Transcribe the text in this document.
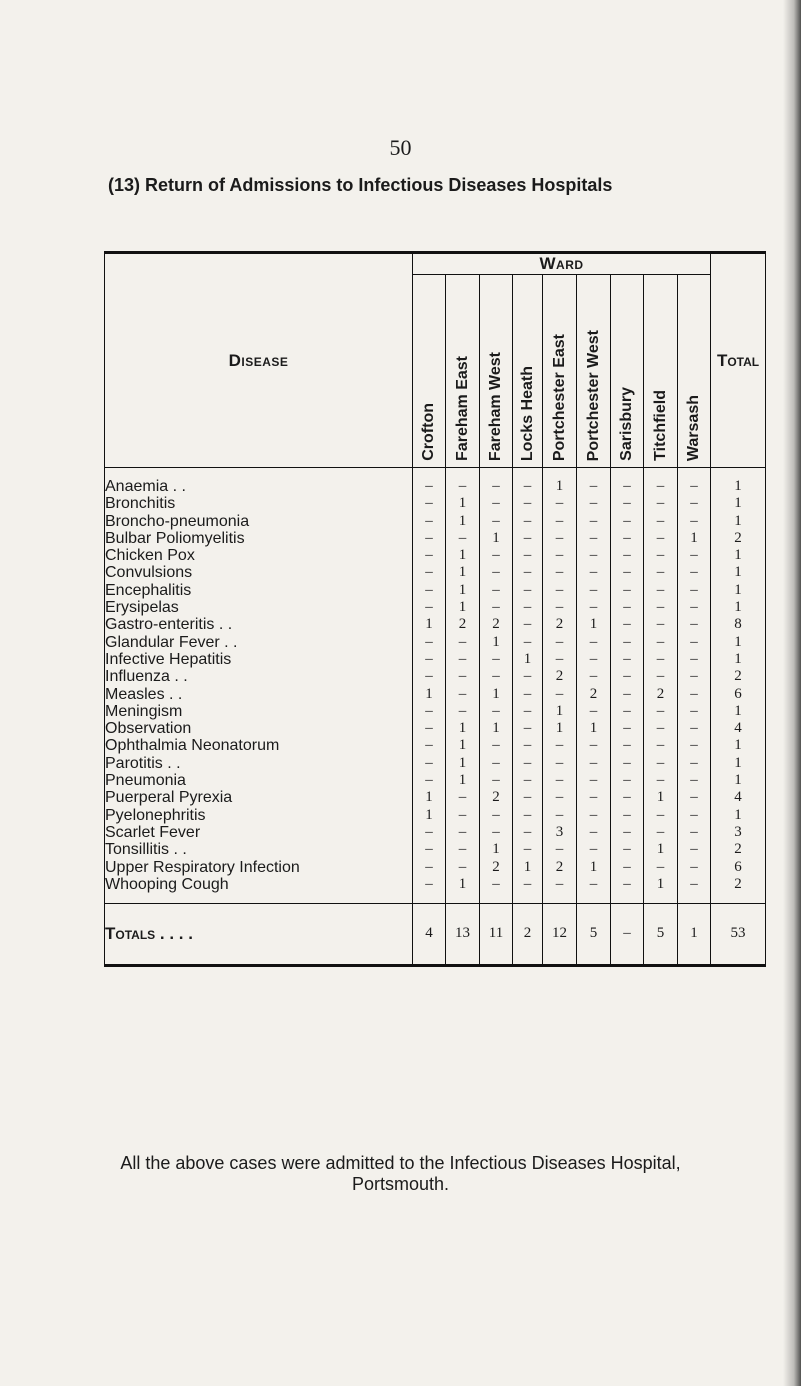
50
(13) Return of Admissions to Infectious Diseases Hospitals
Disease	Ward									Total

	Crofton	Fareham East	Fareham West	Locks Heath	Portchester East	Portchester West	Sarisbury	Titchfield	Warsash	

Anaemia . .	–	–	–	–	1	–	–	–	–	1
Bronchitis	–	1	–	–	–	–	–	–	–	1
Broncho-pneumonia	–	1	–	–	–	–	–	–	–	1
Bulbar Poliomyelitis	–	–	1	–	–	–	–	–	1	2
Chicken Pox	–	1	–	–	–	–	–	–	–	1
Convulsions	–	1	–	–	–	–	–	–	–	1
Encephalitis	–	1	–	–	–	–	–	–	–	1
Erysipelas	–	1	–	–	–	–	–	–	–	1
Gastro-enteritis . .	1	2	2	–	2	1	–	–	–	8
Glandular Fever . .	–	–	1	–	–	–	–	–	–	1
Infective Hepatitis	–	–	–	1	–	–	–	–	–	1
Influenza . .	–	–	–	–	2	–	–	–	–	2
Measles . .	1	–	1	–	–	2	–	2	–	6
Meningism	–	–	–	–	1	–	–	–	–	1
Observation	–	1	1	–	1	1	–	–	–	4
Ophthalmia Neonatorum	–	1	–	–	–	–	–	–	–	1
Parotitis . .	–	1	–	–	–	–	–	–	–	1
Pneumonia	–	1	–	–	–	–	–	–	–	1
Puerperal Pyrexia	1	–	2	–	–	–	–	1	–	4
Pyelonephritis	1	–	–	–	–	–	–	–	–	1
Scarlet Fever	–	–	–	–	3	–	–	–	–	3
Tonsillitis . .	–	–	1	–	–	–	–	1	–	2
Upper Respiratory Infection	–	–	2	1	2	1	–	–	–	6
Whooping Cough	–	1	–	–	–	–	–	1	–	2
Totals . . . .	4	13	11	2	12	5	–	5	1	53
All the above cases were admitted to the Infectious Diseases Hospital,
Portsmouth.
